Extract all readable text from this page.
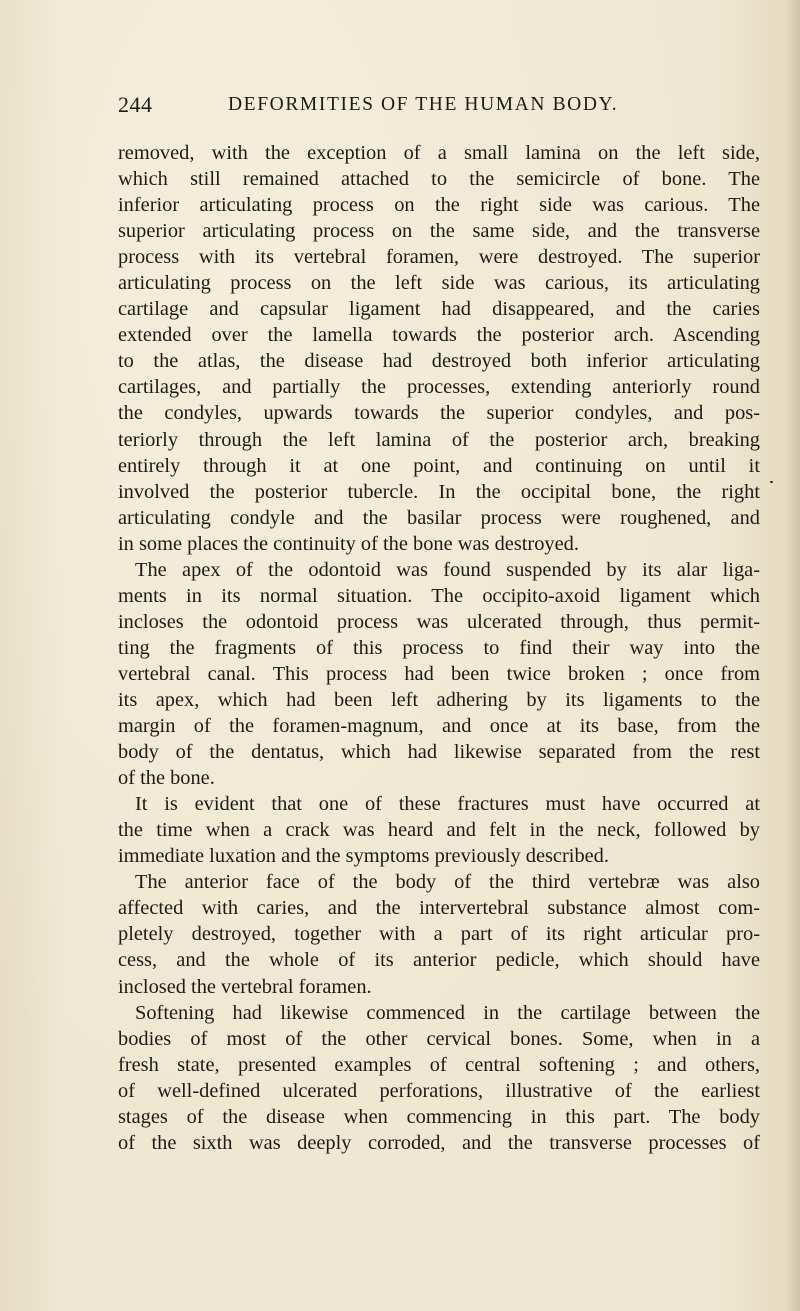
244	DEFORMITIES OF THE HUMAN BODY.
removed, with the exception of a small lamina on the left side,
which still remained attached to the semicircle of bone. The
inferior articulating process on the right side was carious. The
superior articulating process on the same side, and the transverse
process with its vertebral foramen, were destroyed. The superior
articulating process on the left side was carious, its articulating
cartilage and capsular ligament had disappeared, and the caries
extended over the lamella towards the posterior arch. Ascending
to the atlas, the disease had destroyed both inferior articulating
cartilages, and partially the processes, extending anteriorly round
the condyles, upwards towards the superior condyles, and pos-
teriorly through the left lamina of the posterior arch, breaking
entirely through it at one point, and continuing on until it
involved the posterior tubercle. In the occipital bone, the right
articulating condyle and the basilar process were roughened, and
in some places the continuity of the bone was destroyed.
The apex of the odontoid was found suspended by its alar liga-
ments in its normal situation. The occipito-axoid ligament which
incloses the odontoid process was ulcerated through, thus permit-
ting the fragments of this process to find their way into the
vertebral canal. This process had been twice broken ; once from
its apex, which had been left adhering by its ligaments to the
margin of the foramen-magnum, and once at its base, from the
body of the dentatus, which had likewise separated from the rest
of the bone.
It is evident that one of these fractures must have occurred at
the time when a crack was heard and felt in the neck, followed by
immediate luxation and the symptoms previously described.
The anterior face of the body of the third vertebræ was also
affected with caries, and the intervertebral substance almost com-
pletely destroyed, together with a part of its right articular pro-
cess, and the whole of its anterior pedicle, which should have
inclosed the vertebral foramen.
Softening had likewise commenced in the cartilage between the
bodies of most of the other cervical bones. Some, when in a
fresh state, presented examples of central softening ; and others,
of well-defined ulcerated perforations, illustrative of the earliest
stages of the disease when commencing in this part. The body
of the sixth was deeply corroded, and the transverse processes of
